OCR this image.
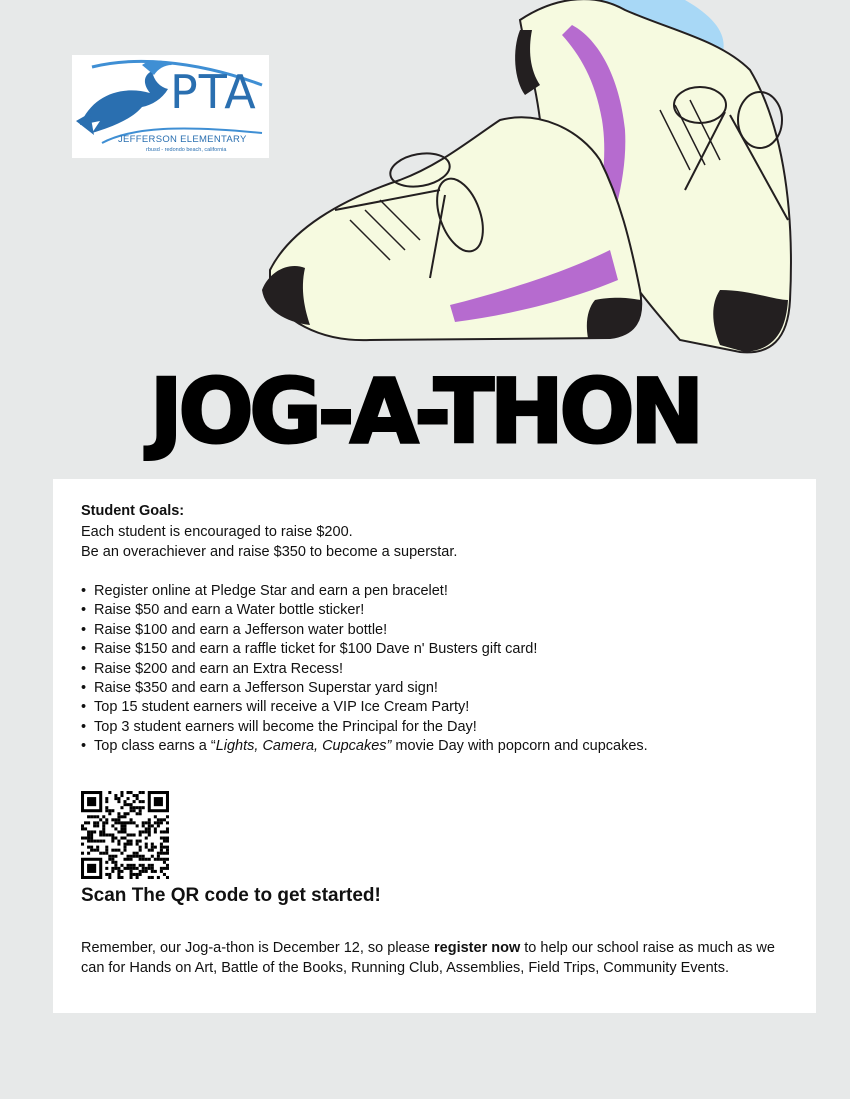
PTA
JEFFERSON ELEMENTARY
rbusd - redondo beach, california
JOG-A-THON
Student Goals:
Each student is encouraged to raise $200.
Be an overachiever and raise $350 to become a superstar.
• Register online at Pledge Star and earn a pen bracelet!
• Raise $50 and earn a Water bottle sticker!
• Raise $100 and earn a Jefferson water bottle!
• Raise $150 and earn a raffle ticket for $100 Dave n' Busters gift card!
• Raise $200 and earn an Extra Recess!
• Raise $350 and earn a Jefferson Superstar yard sign!
• Top 15 student earners will receive a VIP Ice Cream Party!
• Top 3 student earners will become the Principal for the Day!
• Top class earns a “Lights, Camera, Cupcakes” movie Day with popcorn and cupcakes.
Scan The QR code to get started!
Remember, our Jog-a-thon is December 12, so please register now to help our school raise as much as we can for Hands on Art, Battle of the Books, Running Club, Assemblies, Field Trips, Community Events.
